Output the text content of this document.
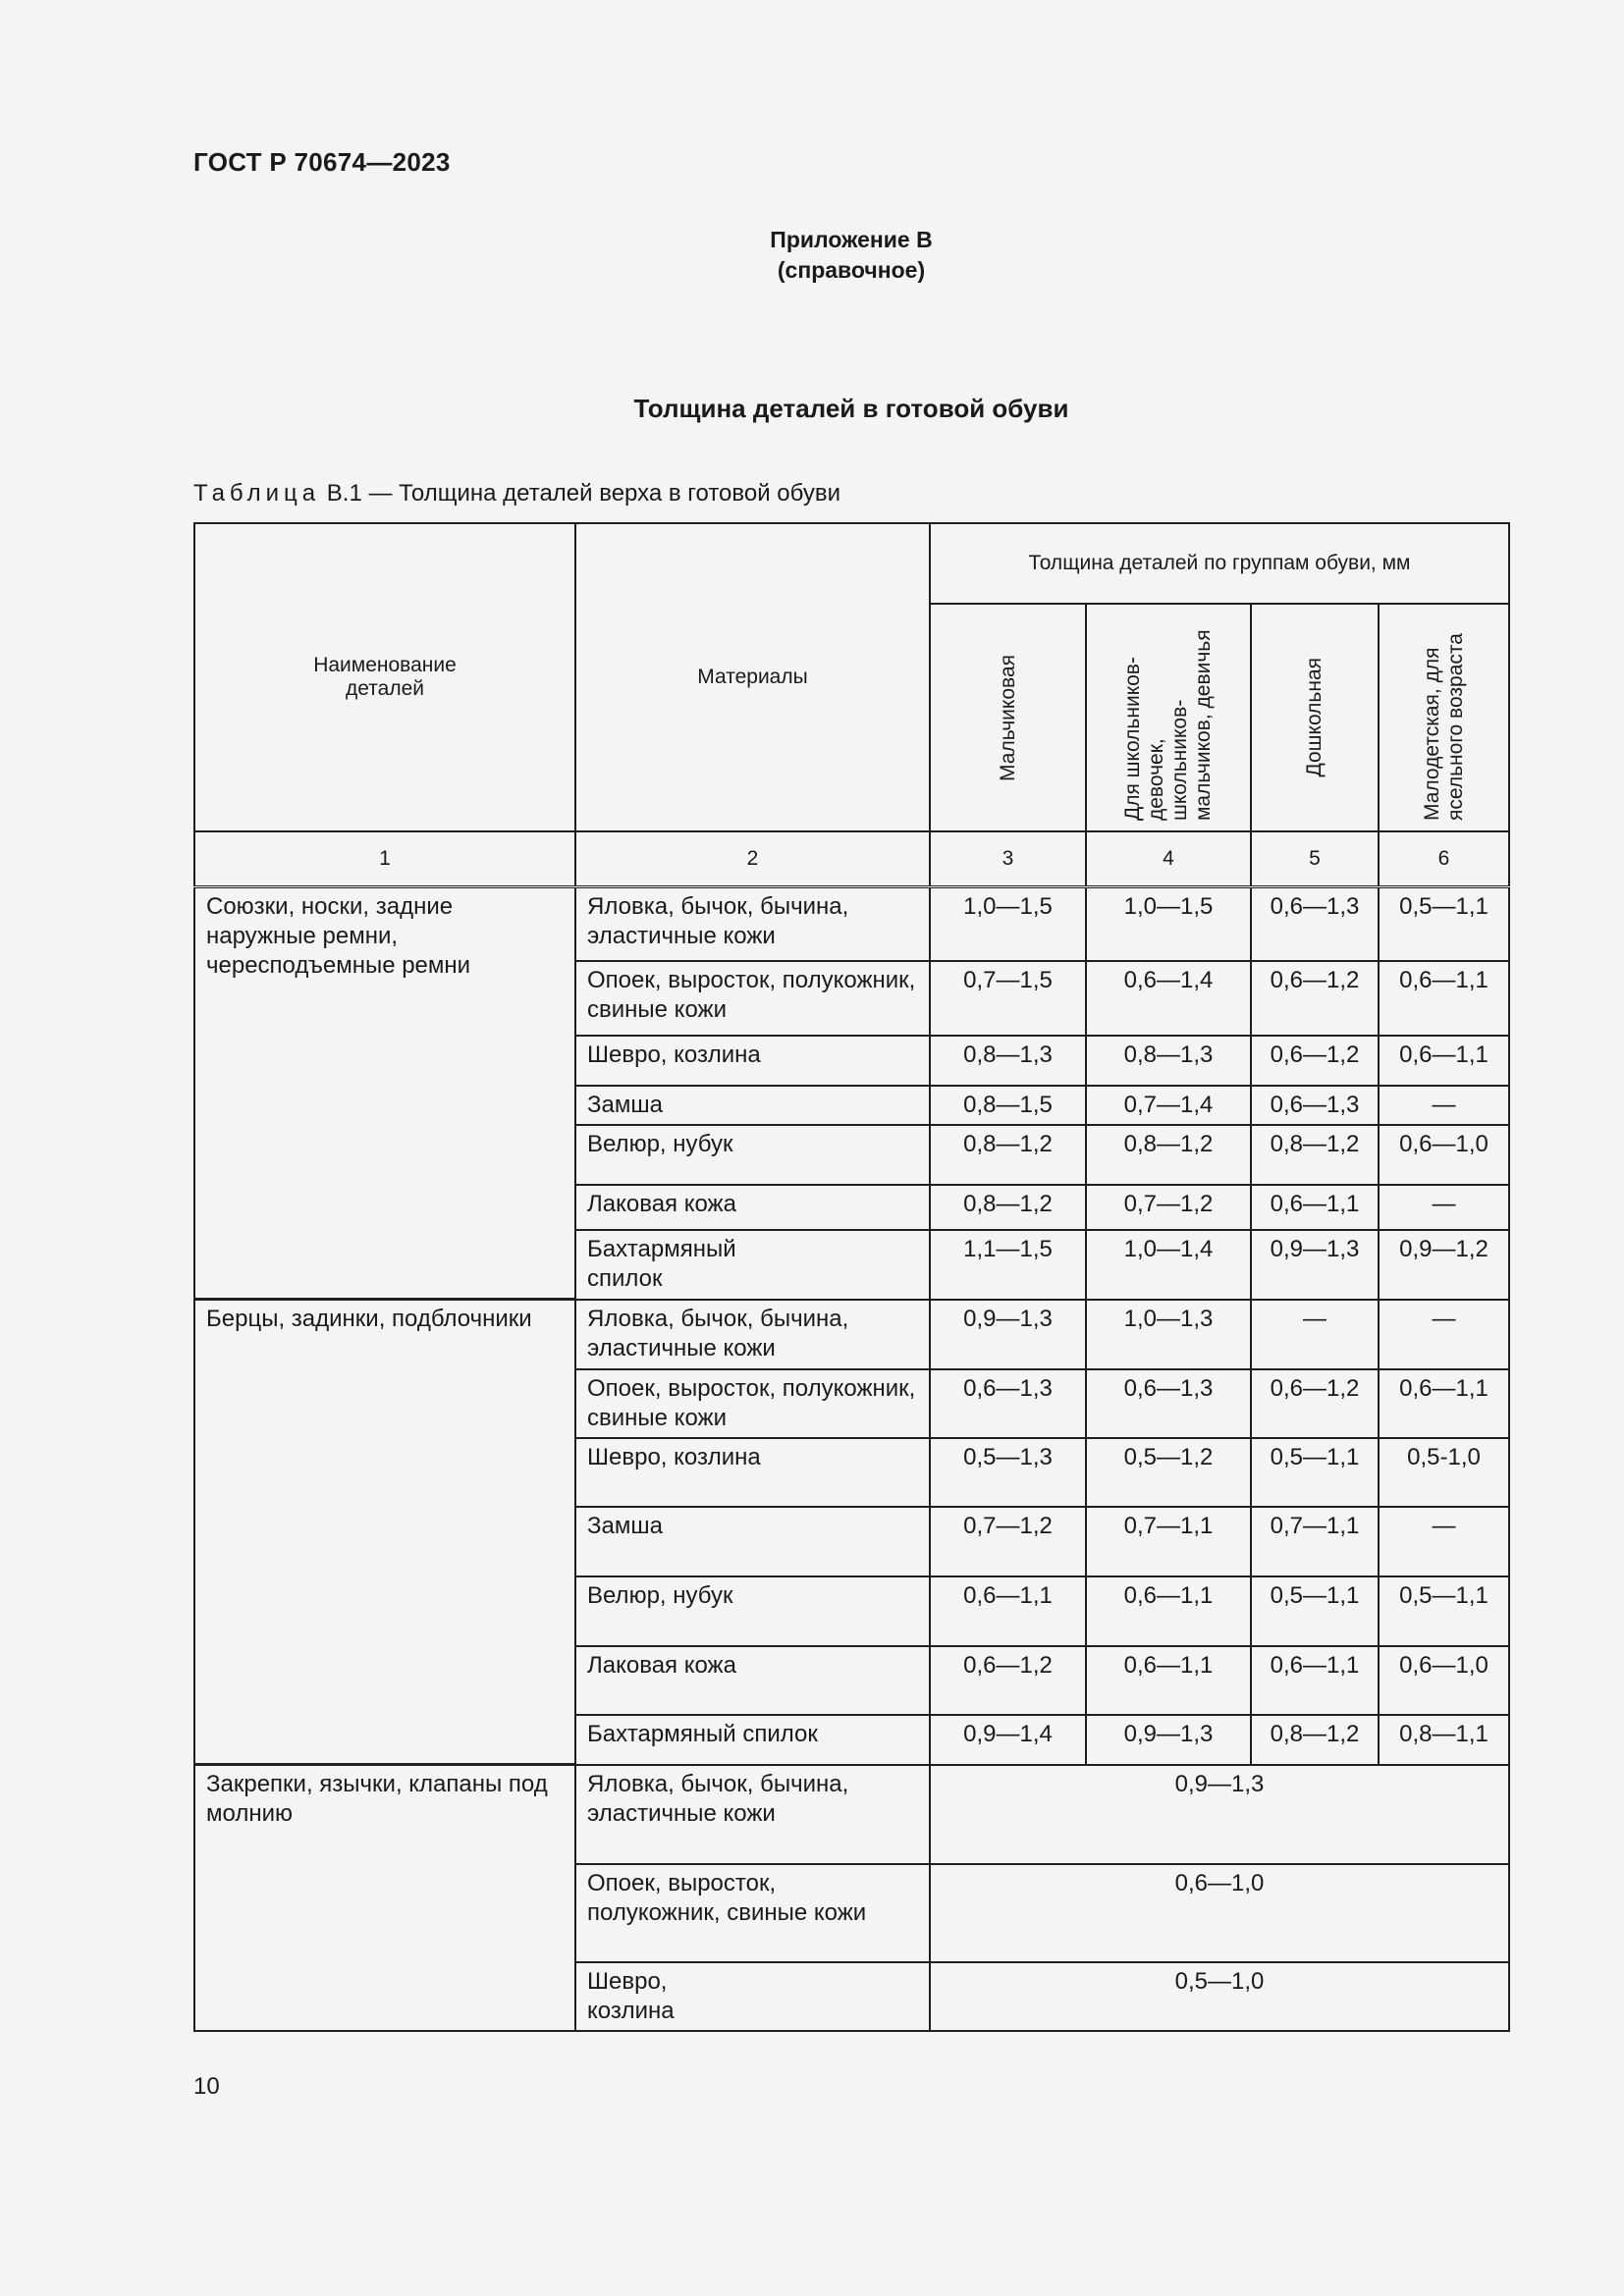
ГОСТ Р 70674—2023
Приложение В
(справочное)
Толщина деталей в готовой обуви
Таблица В.1 — Толщина деталей верха в готовой обуви
Наименование деталей	Материалы	Толщина деталей по группам обуви, мм			

		Мальчиковая	Для школьников-девочек, школьников-мальчиков, девичья	Дошкольная	Малодетская, для ясельного возраста

1	2	3	4	5	6
Союзки, носки, задние наружные ремни, чересподъемные ремни	Яловка, бычок, бычина, эластичные кожи	1,0—1,5	1,0—1,5	0,6—1,3	0,5—1,1
	Опоек, выросток, полукожник, свиные кожи	0,7—1,5	0,6—1,4	0,6—1,2	0,6—1,1
	Шевро, козлина	0,8—1,3	0,8—1,3	0,6—1,2	0,6—1,1
	Замша	0,8—1,5	0,7—1,4	0,6—1,3	—
	Велюр, нубук	0,8—1,2	0,8—1,2	0,8—1,2	0,6—1,0
	Лаковая кожа	0,8—1,2	0,7—1,2	0,6—1,1	—

	Бахтармяный спилок	1,1—1,5	1,0—1,4	0,9—1,3	0,9—1,2
Берцы, задинки, подблочники	Яловка, бычок, бычина, эластичные кожи	0,9—1,3	1,0—1,3	—	—
	Опоек, выросток, полукожник, свиные кожи	0,6—1,3	0,6—1,3	0,6—1,2	0,6—1,1
	Шевро, козлина	0,5—1,3	0,5—1,2	0,5—1,1	0,5-1,0
	Замша	0,7—1,2	0,7—1,1	0,7—1,1	—
	Велюр, нубук	0,6—1,1	0,6—1,1	0,5—1,1	0,5—1,1
	Лаковая кожа	0,6—1,2	0,6—1,1	0,6—1,1	0,6—1,0
	Бахтармяный спилок	0,9—1,4	0,9—1,3	0,8—1,2	0,8—1,1
Закрепки, язычки, клапаны под молнию	Яловка, бычок, бычина, эластичные кожи	0,9—1,3			

	Опоек, выросток, полукожник, свиные кожи	0,6—1,0			

	Шевро, козлина	0,5—1,0			
10
